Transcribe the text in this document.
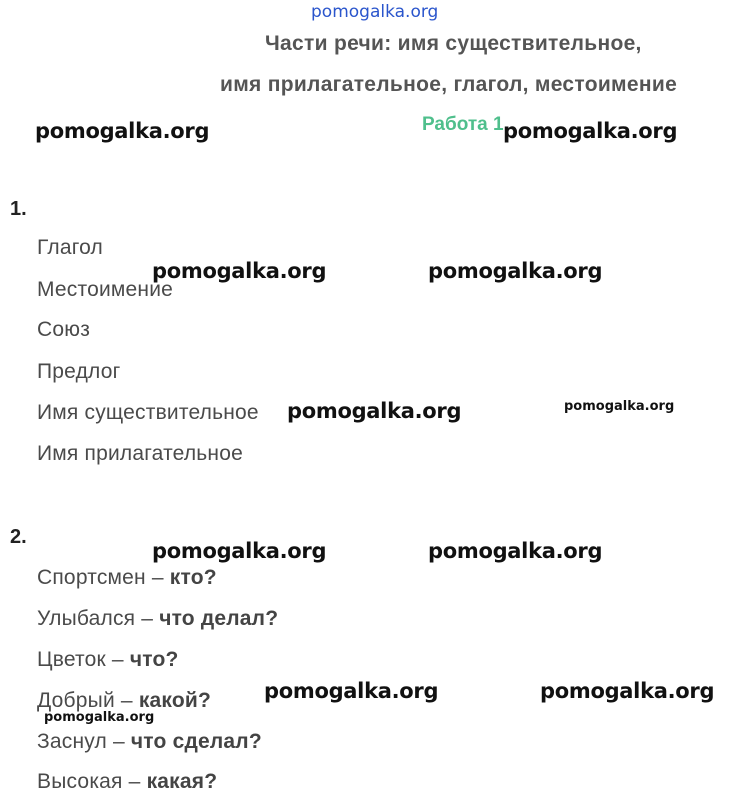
pomogalka.org
Части речи: имя существительное,
имя прилагательное, глагол, местоимение
Работа 1
1.
Глагол
Местоимение
Союз
Предлог
Имя существительное
Имя прилагательное
2.
Спортсмен – кто?
Улыбался – что делал?
Цветок – что?
Добрый – какой?
Заснул – что сделал?
Высокая – какая?
pomogalka.org	pomogalka.org
pomogalka.org	pomogalka.org
pomogalka.org	pomogalka.org
pomogalka.org	pomogalka.org
pomogalka.org	pomogalka.org
pomogalka.org
